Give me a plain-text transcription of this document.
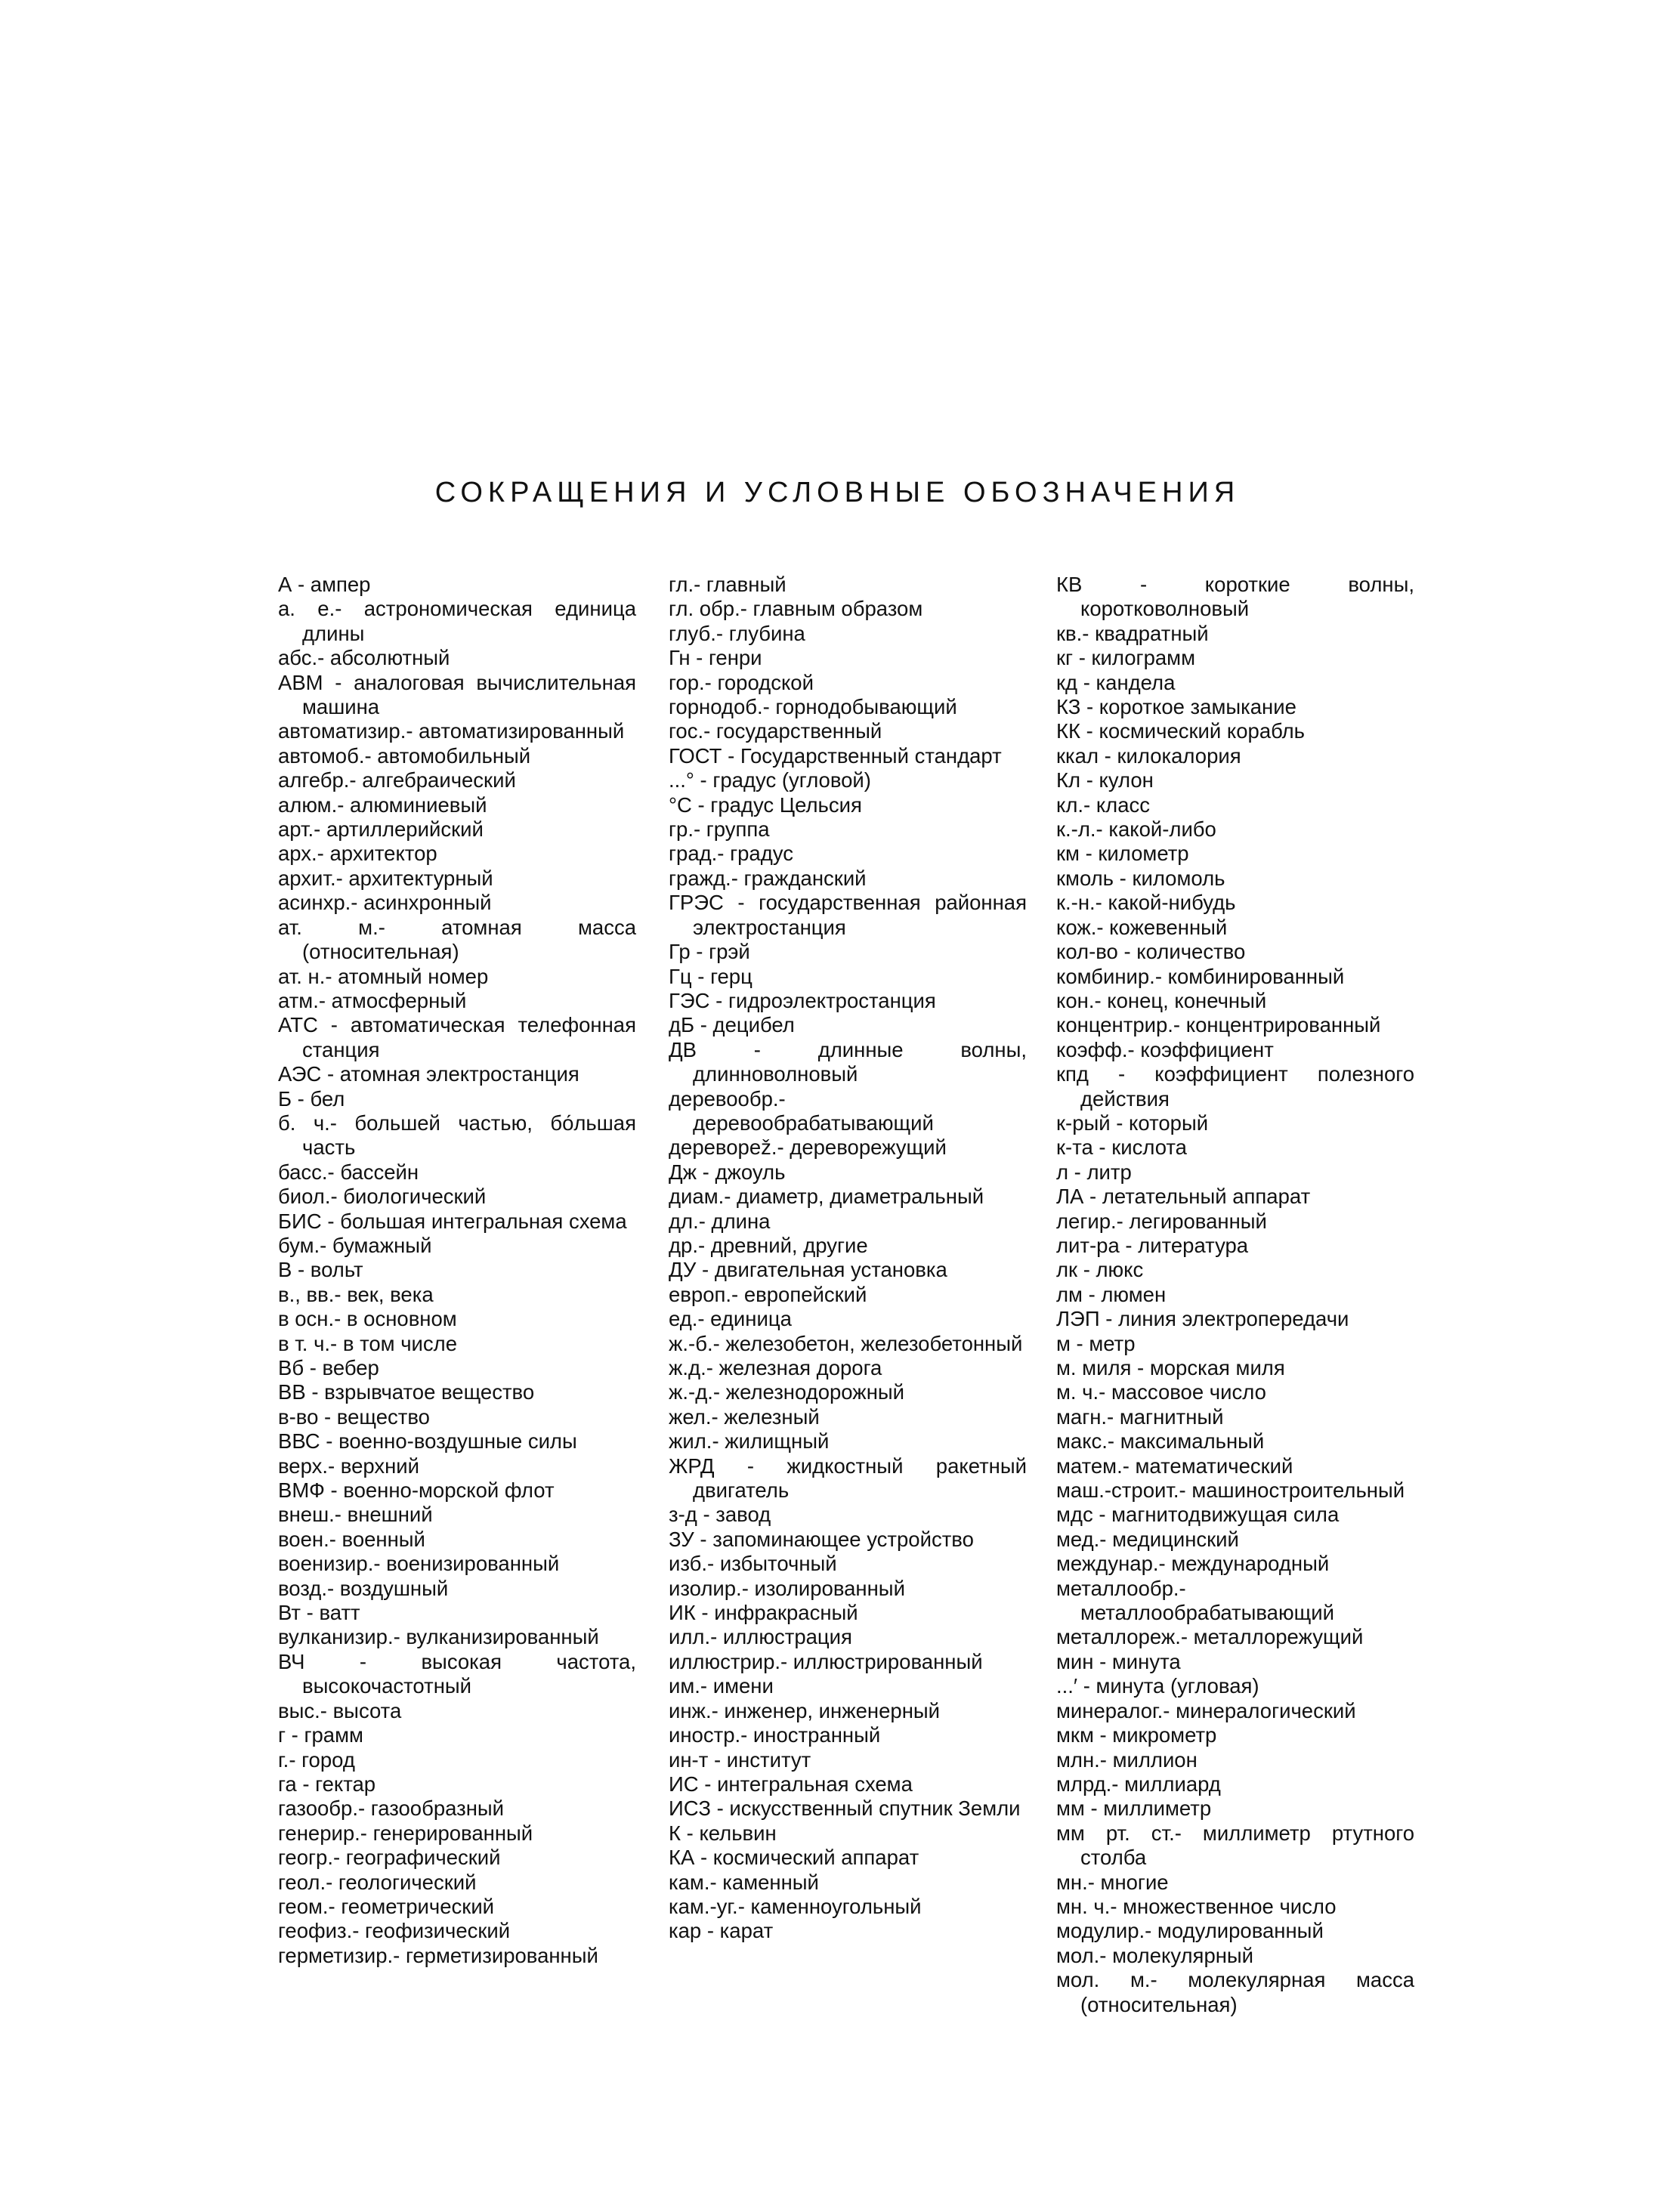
СОКРАЩЕНИЯ И УСЛОВНЫЕ ОБОЗНАЧЕНИЯ
А - ампер
а. е.- астрономическая единица длины
абс.- абсолютный
АВМ - аналоговая вычислительная машина
автоматизир.- автоматизированный
автомоб.- автомобильный
алгебр.- алгебраический
алюм.- алюминиевый
арт.- артиллерийский
арх.- архитектор
архит.- архитектурный
асинхр.- асинхронный
ат. м.- атомная масса (относительная)
ат. н.- атомный номер
атм.- атмосферный
АТС - автоматическая телефонная станция
АЭС - атомная электростанция
Б - бел
б. ч.- большей частью, бо́льшая часть
басс.- бассейн
биол.- биологический
БИС - большая интегральная схема
бум.- бумажный
В - вольт
в., вв.- век, века
в осн.- в основном
в т. ч.- в том числе
Вб - вебер
ВВ - взрывчатое вещество
в-во - вещество
ВВС - военно-воздушные силы
верх.- верхний
ВМФ - военно-морской флот
внеш.- внешний
воен.- военный
военизир.- военизированный
возд.- воздушный
Вт - ватт
вулканизир.- вулканизированный
ВЧ - высокая частота, высокочастотный
выс.- высота
г - грамм
г.- город
га - гектар
газообр.- газообразный
генерир.- генерированный
геогр.- географический
геол.- геологический
геом.- геометрический
геофиз.- геофизический
герметизир.- герметизированный
гл.- главный
гл. обр.- главным образом
глуб.- глубина
Гн - генри
гор.- городской
горнодоб.- горнодобывающий
гос.- государственный
ГОСТ - Государственный стандарт
...° - градус (угловой)
°С - градус Цельсия
гр.- группа
град.- градус
гражд.- гражданский
ГРЭС - государственная районная электростанция
Гр - грэй
Гц - герц
ГЭС - гидроэлектростанция
дБ - децибел
ДВ - длинные волны, длинноволновый
деревообр.- деревообрабатывающий
дереворež.- дереворежущий
Дж - джоуль
диам.- диаметр, диаметральный
дл.- длина
др.- древний, другие
ДУ - двигательная установка
европ.- европейский
ед.- единица
ж.-б.- железобетон, железобетонный
ж.д.- железная дорога
ж.-д.- железнодорожный
жел.- железный
жил.- жилищный
ЖРД - жидкостный ракетный двигатель
з-д - завод
ЗУ - запоминающее устройство
изб.- избыточный
изолир.- изолированный
ИК - инфракрасный
илл.- иллюстрация
иллюстрир.- иллюстрированный
им.- имени
инж.- инженер, инженерный
иностр.- иностранный
ин-т - институт
ИС - интегральная схема
ИСЗ - искусственный спутник Земли
К - кельвин
КА - космический аппарат
кам.- каменный
кам.-уг.- каменноугольный
кар - карат
КВ - короткие волны, коротковолновый
кв.- квадратный
кг - килограмм
кд - кандела
КЗ - короткое замыкание
КК - космический корабль
ккал - килокалория
Кл - кулон
кл.- класс
к.-л.- какой-либо
км - километр
кмоль - киломоль
к.-н.- какой-нибудь
кож.- кожевенный
кол-во - количество
комбинир.- комбинированный
кон.- конец, конечный
концентрир.- концентрированный
коэфф.- коэффициент
кпд - коэффициент полезного действия
к-рый - который
к-та - кислота
л - литр
ЛА - летательный аппарат
легир.- легированный
лит-ра - литература
лк - люкс
лм - люмен
ЛЭП - линия электропередачи
м - метр
м. миля - морская миля
м. ч.- массовое число
магн.- магнитный
макс.- максимальный
матем.- математический
маш.-строит.- машиностроительный
мдс - магнитодвижущая сила
мед.- медицинский
междунар.- международный
металлообр.- металлообрабатывающий
металлореж.- металлорежущий
мин - минута
...′ - минута (угловая)
минералог.- минералогический
мкм - микрометр
млн.- миллион
млрд.- миллиард
мм - миллиметр
мм рт. ст.- миллиметр ртутного столба
мн.- многие
мн. ч.- множественное число
модулир.- модулированный
мол.- молекулярный
мол. м.- молекулярная масса (относительная)
